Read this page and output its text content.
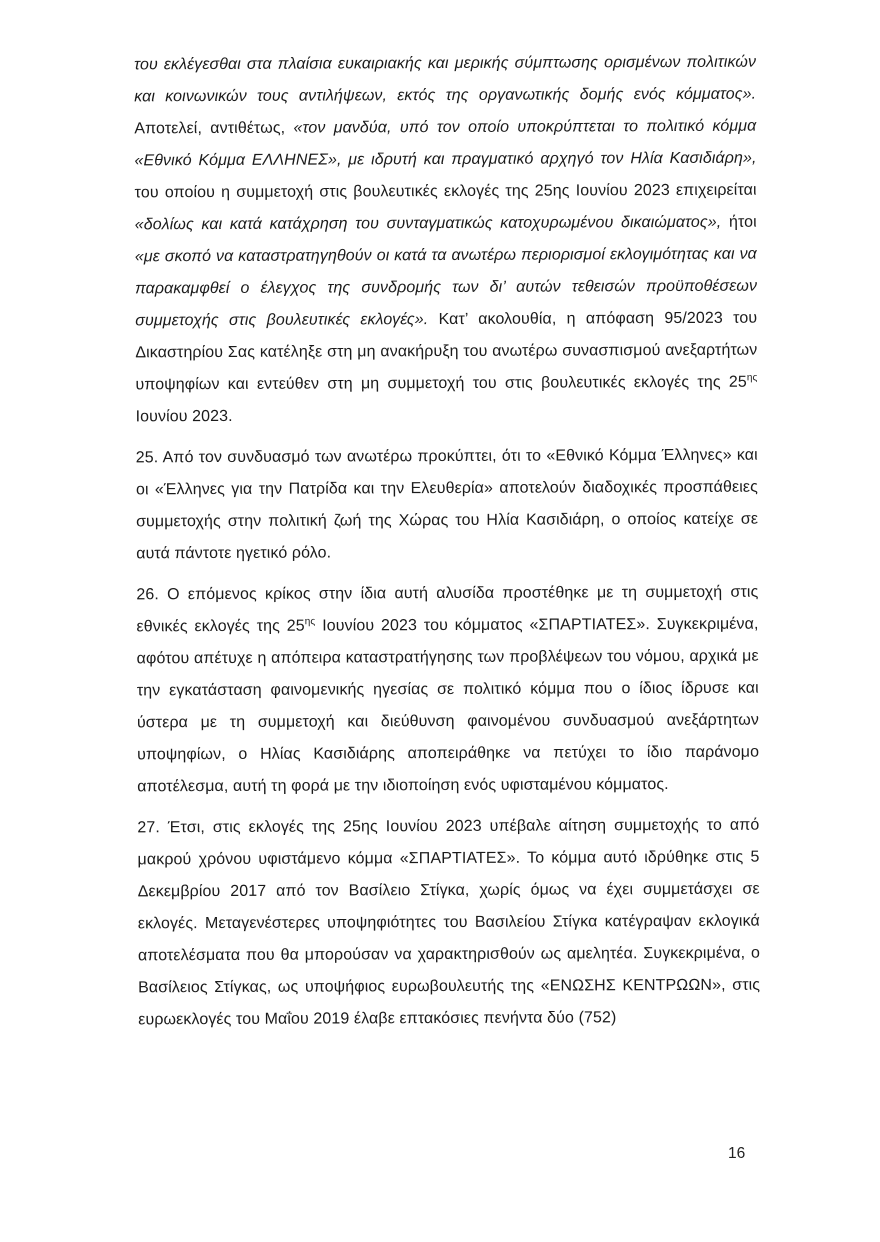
του εκλέγεσθαι στα πλαίσια ευκαιριακής και μερικής σύμπτωσης ορισμένων πολιτικών και κοινωνικών τους αντιλήψεων, εκτός της οργανωτικής δομής ενός κόμματος». Αποτελεί, αντιθέτως, «τον μανδύα, υπό τον οποίο υποκρύπτεται το πολιτικό κόμμα «Εθνικό Κόμμα ΕΛΛΗΝΕΣ», με ιδρυτή και πραγματικό αρχηγό τον Ηλία Κασιδιάρη», του οποίου η συμμετοχή στις βουλευτικές εκλογές της 25ης Ιουνίου 2023 επιχειρείται «δολίως και κατά κατάχρηση του συνταγματικώς κατοχυρωμένου δικαιώματος», ήτοι «με σκοπό να καταστρατηγηθούν οι κατά τα ανωτέρω περιορισμοί εκλογιμότητας και να παρακαμφθεί ο έλεγχος της συνδρομής των δι’ αυτών τεθεισών προϋποθέσεων συμμετοχής στις βουλευτικές εκλογές». Κατ’ ακολουθία, η απόφαση 95/2023 του Δικαστηρίου Σας κατέληξε στη μη ανακήρυξη του ανωτέρω συνασπισμού ανεξαρτήτων υποψηφίων και εντεύθεν στη μη συμμετοχή του στις βουλευτικές εκλογές της $25^{\eta\varsigma}$ Ιουνίου 2023.

25. Από τον συνδυασμό των ανωτέρω προκύπτει, ότι το «Εθνικό Κόμμα Έλληνες» και οι «Έλληνες για την Πατρίδα και την Ελευθερία» αποτελούν διαδοχικές προσπάθειες συμμετοχής στην πολιτική ζωή της Χώρας του Ηλία Κασιδιάρη, ο οποίος κατείχε σε αυτά πάντοτε ηγετικό ρόλο.

26. Ο επόμενος κρίκος στην ίδια αυτή αλυσίδα προστέθηκε με τη συμμετοχή στις εθνικές εκλογές της $25^{\eta\varsigma}$ Ιουνίου 2023 του κόμματος «ΣΠΑΡΤΙΑΤΕΣ». Συγκεκριμένα, αφότου απέτυχε η απόπειρα καταστρατήγησης των προβλέψεων του νόμου, αρχικά με την εγκατάσταση φαινομενικής ηγεσίας σε πολιτικό κόμμα που ο ίδιος ίδρυσε και ύστερα με τη συμμετοχή και διεύθυνση φαινομένου συνδυασμού ανεξάρτητων υποψηφίων, ο Ηλίας Κασιδιάρης αποπειράθηκε να πετύχει το ίδιο παράνομο αποτέλεσμα, αυτή τη φορά με την ιδιοποίηση ενός υφισταμένου κόμματος.

27. Έτσι, στις εκλογές της 25ης Ιουνίου 2023 υπέβαλε αίτηση συμμετοχής το από μακρού χρόνου υφιστάμενο κόμμα «ΣΠΑΡΤΙΑΤΕΣ». Το κόμμα αυτό ιδρύθηκε στις 5 Δεκεμβρίου 2017 από τον Βασίλειο Στίγκα, χωρίς όμως να έχει συμμετάσχει σε εκλογές. Μεταγενέστερες υποψηφιότητες του Βασιλείου Στίγκα κατέγραψαν εκλογικά αποτελέσματα που θα μπορούσαν να χαρακτηρισθούν ως αμελητέα. Συγκεκριμένα, ο Βασίλειος Στίγκας, ως υποψήφιος ευρωβουλευτής της «ΕΝΩΣΗΣ ΚΕΝΤΡΩΩΝ», στις ευρωεκλογές του Μαΐου 2019 έλαβε επτακόσιες πενήντα δύο (752)

16
